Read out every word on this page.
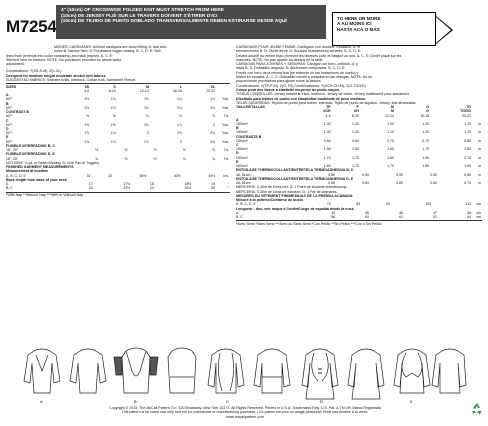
M7254
4" (10cm) OF CROSSWISE FOLDED KNIT MUST STRETCH FROM HERE
(10cm) DE JERSEY PLIÉ SUR LE TRAVERS DOIVENT S'ÉTIRER D'ICI
(10cm) DE TEJIDO DE PUNTO DOBLADO TRANSVERSALMENTE DEBEN ESTIRARSE DESDE AQUÍ
TO HERE OR MORE
À AU MOINS ICI
HASTA ACÁ O MÁS
MISSES' CARDIGANS: Unlined cardigans are close-fitting. A, and arm-
holes B: Narrow hem. D: Purchased toggle closing. B, C, D, E: Self-
lined front (extends into collar variations) and back peplum. A, C, E:
Stitched hem on sleeves. NOTE: No provisions provided for above waist
adjustment.
Combinations: Y(XS-S-M), Z(L-XL)
Designed for medium weight moderate stretch knit fabrics.
SUGGESTED FABRICS: Sweater Knits, Interlock, Cotton Knit, Sweatshirt Fleece.
SIZES	XS	S	M	L	XL	
	4-6	8-10	12-14	16-18	20-22	
A						
60"*	1⅛	1⅛	1⅛	1¼	1⅜	Yds.
B						
60"*	1⅛	1⅛	1¼	1¼	1⅜	Yds.
CONTRAST B						
60"*	⅝	⅝	¾	¾	⅞	Yd.
C						
60"*	1⅝	1⅝	1¾	1⅞	2	Yds.
D						
60"*	1⅞	1⅞	2	2⅛	2¼	Yds.
E						
60"*	1¾	1⅞	1⅞	2	2⅛	Yds.
FUSIBLE INTERFACING B, C
18", 20"	½	½	½	½	½	Yd.
FUSIBLE INTERFACING D, E
18", 20"	⅝	⅝	⅝	⅝	¾	Yd.
NOTIONS: ¼ yd. of Seam Binding. D: One Pair of Toggles.
FINISHED GARMENT MEASUREMENTS
Measurement at bustline
A, B, C, D, E	31	33	36½	40½	44½	Ins.
Back length from base of your neck
A	17	17½	18	18½	19	"
B, C	23	23½	24	24½	25	"
*With Nap **Without Nap ***With or Without Nap
CARDIGANS POUR JEUNE FEMME: Cardigans non doublés, moulants. A, et
emmanchures B, D: Ourlet étroit. D: Boutons brandebourg achetés. B, C, D, E:
Devant doublé du même tissu (formant les diverses cols) et basque au dos. A, C, E: Ourlet piqué sur les
manches. NOTE: Ne pas ajuster au-dessus de la taille.
CARDIGAN PARA JÓVENES Y SEÑORAS: Cardigan sin forro, ceñidos. A, y
sisas B, D: Dobladillo angosto. D: Abotonado comprados. B, C, D, E:
Frente con forro de la misma tela (se extiende en las variaciones de cuello) y
faldón en espalda. A, C, E: Dobladillo cosido a máquina en las mangas. NOTA: No se
proporcionan provisiones para ajuste sobre la cintura.
Combinaisons: Y(TP-P-M), Z(G-TG) Combinaciones: Y(XCH-CH-M), Z(G-TG/XG)
Conçu pour des tissus à élasticité moyenne de poids moyen.
TISSUS CONSEILLÉS: Jersey imitant le tricot, Interlock, Jersey de coton, Jersey molletonné pour sweatshirt.
Diseñado para tejidos de punto con elasticidad moderada de peso mediano.
TELAS SUGERIDAS: Tejidos de punto para suéter, Interlock, Tejido de punto de algodón, Jersey, tela afranelada.
TAILLES/TALLAS	TP	P	M	G	TG	
	XCH	CH	M	G	TG/XG	
	4-6	8-10	12-14	16-18	20-22	
A						
150cm*	1.00	1.00	1.00	1.20	1.30	m
B						
150cm*	1.00	1.00	1.10	1.20	1.30	m
CONTRASTE B						
150cm*	0.60	0.60	0.70	0.70	0.80	m
C						
150cm*	1.50	1.50	1.60	1.70	1.80	m
D						
150cm*	1.70	1.70	1.80	1.90	2.10	m
E						
150cm*	1.60	1.70	1.70	1.80	1.90	m
ENTOILAGE THERMOCOLLANT/ENTRETELA TERMOADHESIVA B, C
46, 51cm	0.50	0.50	0.50	0.50	0.50	m
ENTOILAGE THERMOCOLLANT/ENTRETELA TERMOADHESIVA D, E
46, 51cm	0.60	0.60	0.60	0.60	0.70	m
MERCERIE: 0,30m de Extra-fort. D: 1 Paire de boutons brandebourg.
MERCERÍA: 0,30m de Cinta de extrafort. D: 1 Par de alamares.
MESURES DU VÊTEMENT FINI/MEDIDAS DE LA PRENDA ACABADA
Mesure à la poitrine/Contorno de busto
A, B, C, D, E	79	84	93	103	113	cm
Longueur - dos, voir nuque à l'ourlet/Largo de espalda desde la nuca
A	43	45	46	47	48	cm
B, C	58	60	61	62	64	cm
*Avec Sens *Sans Sens ***Avec ou Sans Sens *Con Pelillo **Sin Pelillo ***Con o Sin Pelillo
A	B	C	D	E
Copyright © 2015, The McCall Pattern Co., 120 Broadway, New York 10271. All Rights Reserved. Printed in U.S.A. Trademarks Reg. U.S. Pat. & TM Off. Marca Registrada
This pattern is for home use only and not for commercial or manufacturing purposes. / Ce patron est pour un usage personnel. N'est pas destiné à la vente.
www.mccallpattern.com
